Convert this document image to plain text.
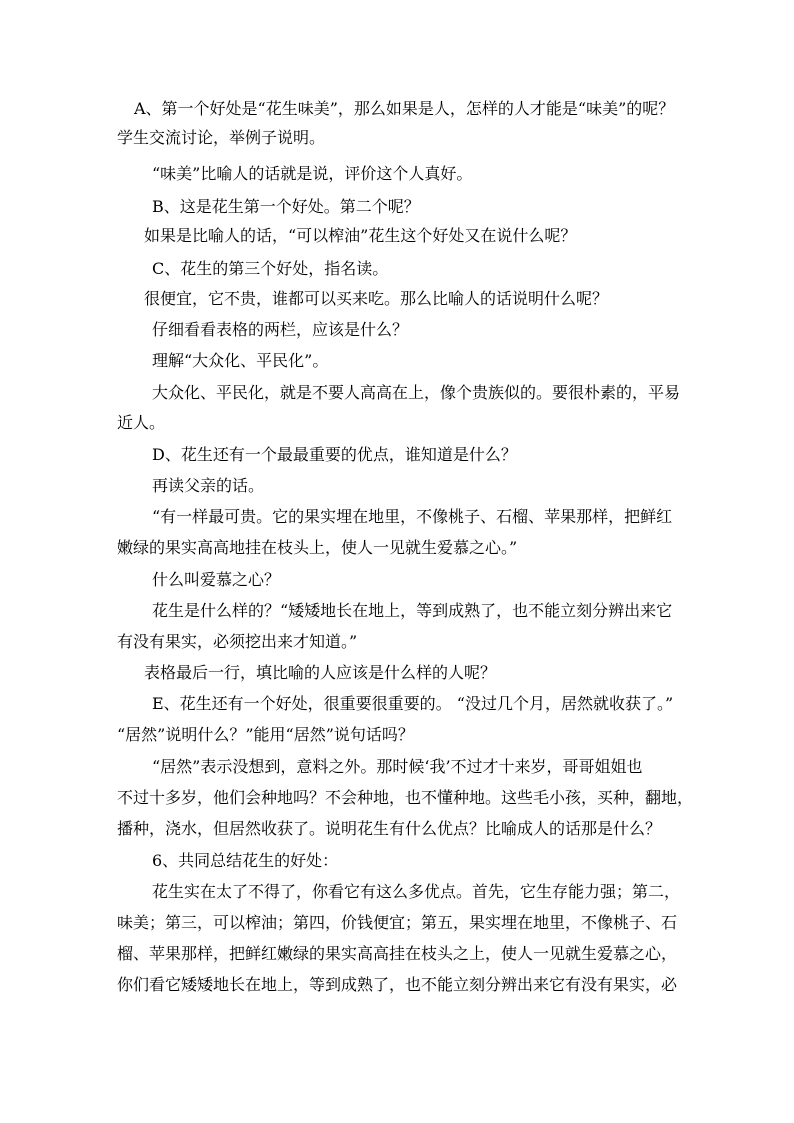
A、第一个好处是“花生味美”，那么如果是人，怎样的人才能是“味美”的呢？
学生交流讨论，举例子说明。
“味美”比喻人的话就是说，评价这个人真好。
B、这是花生第一个好处。第二个呢？
如果是比喻人的话，“可以榨油”花生这个好处又在说什么呢？
C、花生的第三个好处，指名读。
很便宜，它不贵，谁都可以买来吃。那么比喻人的话说明什么呢？
仔细看看表格的两栏，应该是什么？
理解“大众化、平民化”。
大众化、平民化，就是不要人高高在上，像个贵族似的。要很朴素的，平易
近人。
D、花生还有一个最最重要的优点，谁知道是什么？
再读父亲的话。
“有一样最可贵。它的果实埋在地里，不像桃子、石榴、苹果那样，把鲜红
嫩绿的果实高高地挂在枝头上，使人一见就生爱慕之心。”
什么叫爱慕之心？
花生是什么样的？“矮矮地长在地上，等到成熟了，也不能立刻分辨出来它
有没有果实，必须挖出来才知道。”
表格最后一行，填比喻的人应该是什么样的人呢？
E、花生还有一个好处，很重要很重要的。 “没过几个月，居然就收获了。”
“居然”说明什么？”能用“居然”说句话吗？
“居然”表示没想到，意料之外。那时候‘我’不过才十来岁，哥哥姐姐也
不过十多岁，他们会种地吗？不会种地，也不懂种地。这些毛小孩，买种，翻地，
播种，浇水，但居然收获了。说明花生有什么优点？比喻成人的话那是什么？
6、共同总结花生的好处：
花生实在太了不得了，你看它有这么多优点。首先，它生存能力强；第二，
味美；第三，可以榨油；第四，价钱便宜；第五，果实埋在地里，不像桃子、石
榴、苹果那样，把鲜红嫩绿的果实高高挂在枝头之上，使人一见就生爱慕之心，
你们看它矮矮地长在地上，等到成熟了，也不能立刻分辨出来它有没有果实，必
